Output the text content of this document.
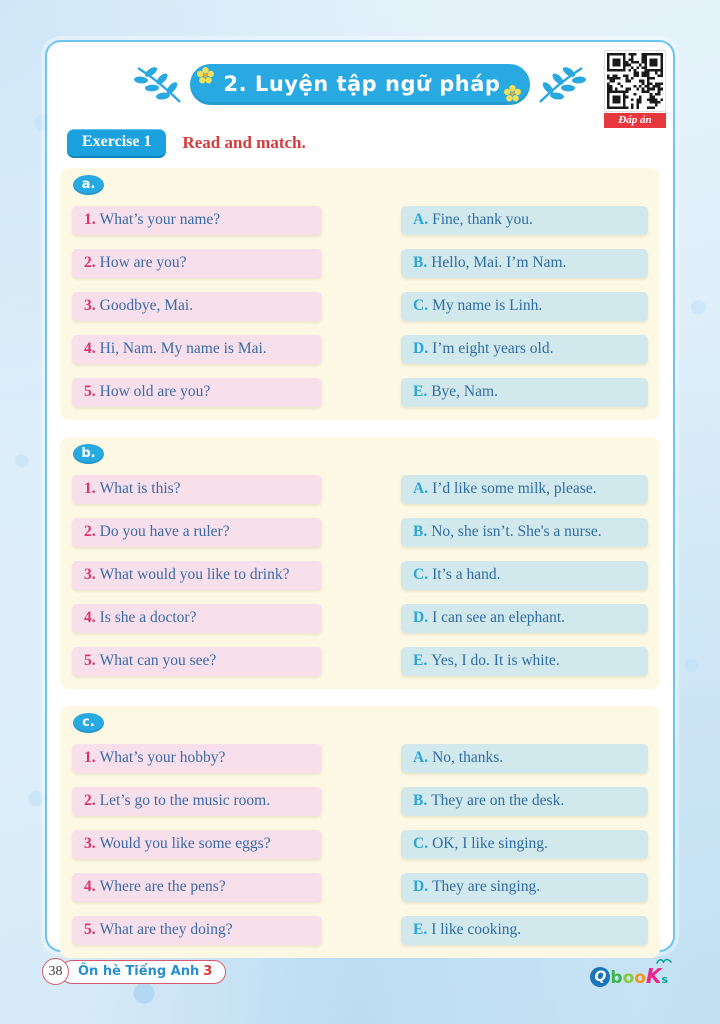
Đáp án
2. Luyện tập ngữ pháp
Exercise 1	Read and match.
a.
1. What’s your name?	A. Fine, thank you.
2. How are you?	B. Hello, Mai. I’m Nam.
3. Goodbye, Mai.	C. My name is Linh.
4. Hi, Nam. My name is Mai.	D. I’m eight years old.
5. How old are you?	E. Bye, Nam.
b.
1. What is this?	A. I’d like some milk, please.
2. Do you have a ruler?	B. No, she isn’t. She's a nurse.
3. What would you like to drink?	C. It’s a hand.
4. Is she a doctor?	D. I can see an elephant.
5. What can you see?	E. Yes, I do. It is white.
c.
1. What’s your hobby?	A. No, thanks.
2. Let’s go to the music room.	B. They are on the desk.
3. Would you like some eggs?	C. OK, I like singing.
4. Where are the pens?	D. They are singing.
5. What are they doing?	E. I like cooking.
38	Ôn hè Tiếng Anh 3	Q booKs
